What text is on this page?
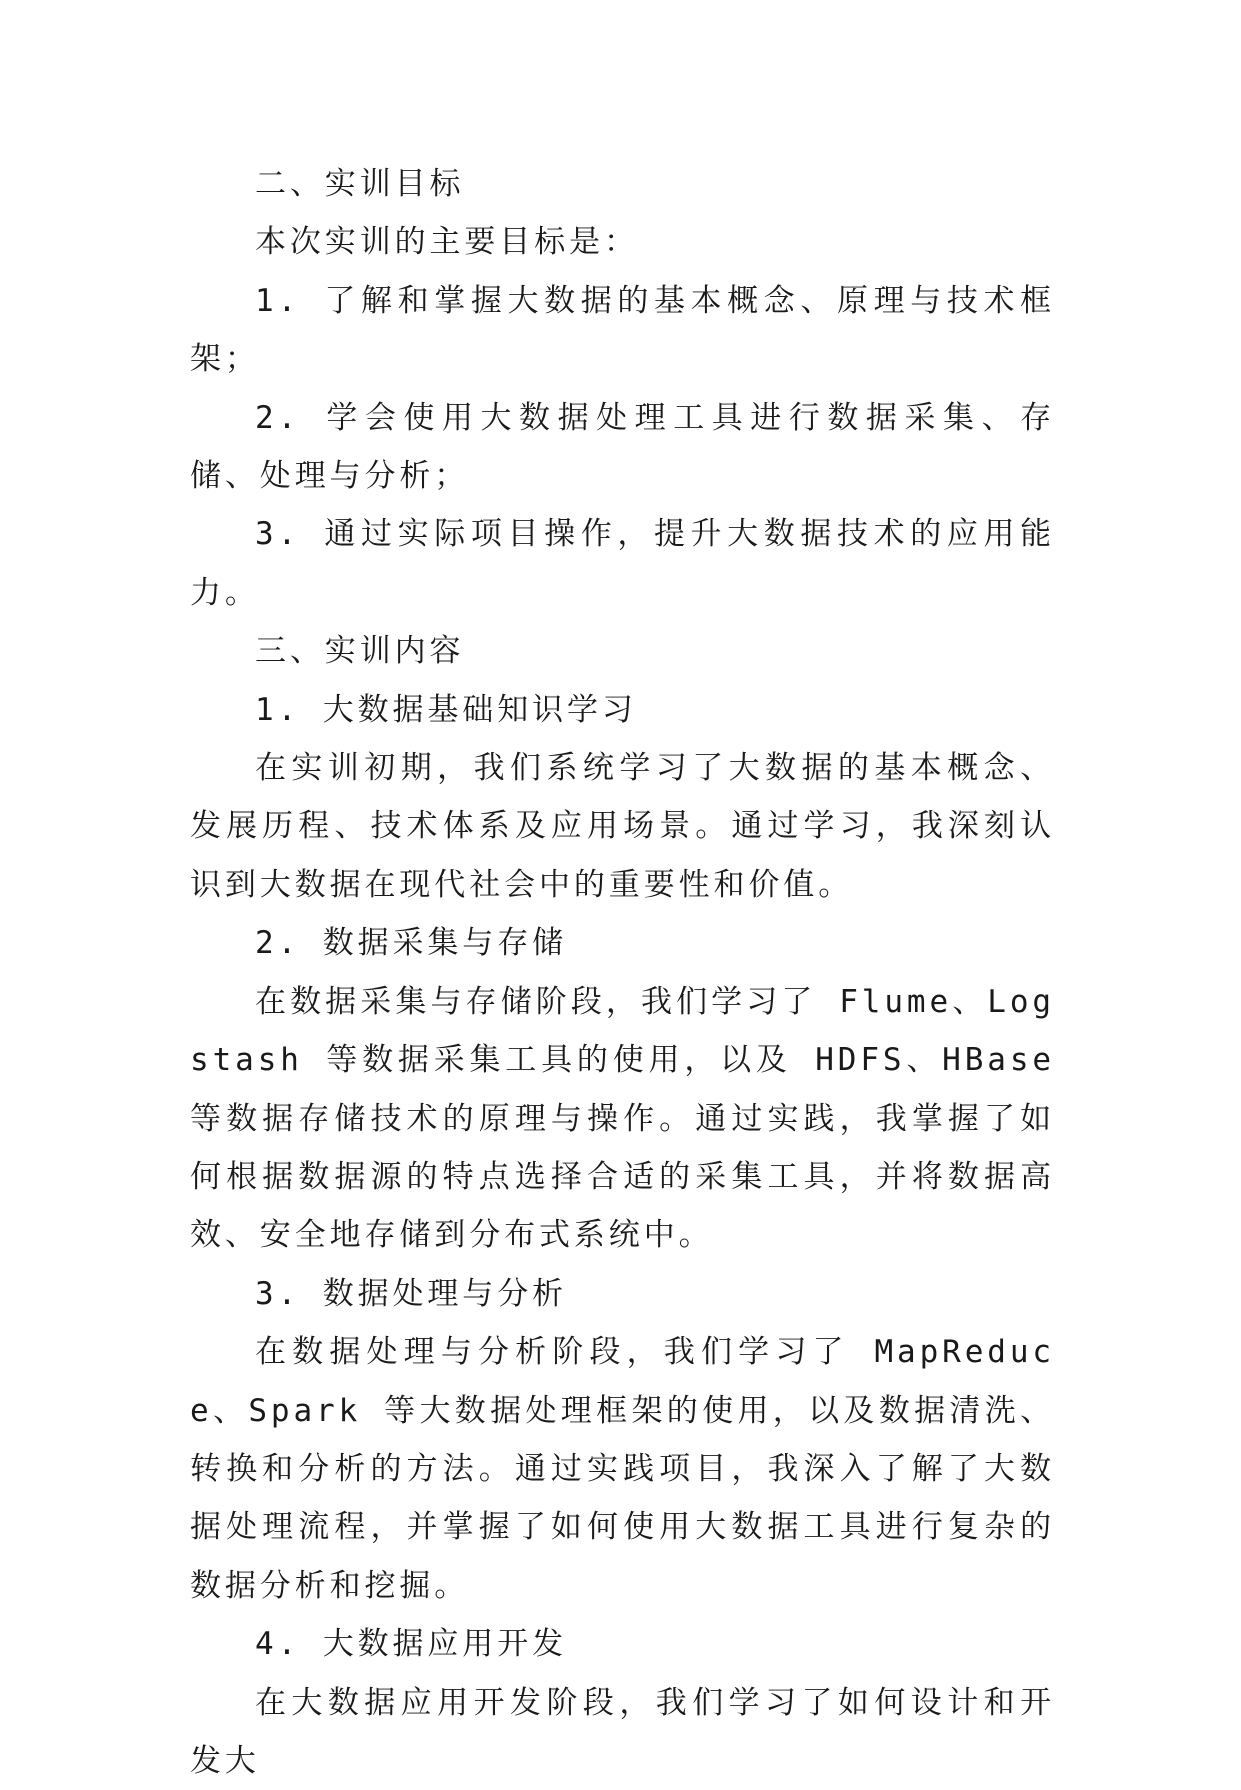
二、实训目标

本次实训的主要目标是：

1. 了解和掌握大数据的基本概念、原理与技术框架；

2. 学会使用大数据处理工具进行数据采集、存储、处理与分析；

3. 通过实际项目操作，提升大数据技术的应用能力。

三、实训内容

1. 大数据基础知识学习

在实训初期，我们系统学习了大数据的基本概念、发展历程、技术体系及应用场景。通过学习，我深刻认识到大数据在现代社会中的重要性和价值。

2. 数据采集与存储

在数据采集与存储阶段，我们学习了 Flume、Logstash 等数据采集工具的使用，以及 HDFS、HBase 等数据存储技术的原理与操作。通过实践，我掌握了如何根据数据源的特点选择合适的采集工具，并将数据高效、安全地存储到分布式系统中。

3. 数据处理与分析

在数据处理与分析阶段，我们学习了 MapReduce、Spark 等大数据处理框架的使用，以及数据清洗、转换和分析的方法。通过实践项目，我深入了解了大数据处理流程，并掌握了如何使用大数据工具进行复杂的数据分析和挖掘。

4. 大数据应用开发

在大数据应用开发阶段，我们学习了如何设计和开发大
